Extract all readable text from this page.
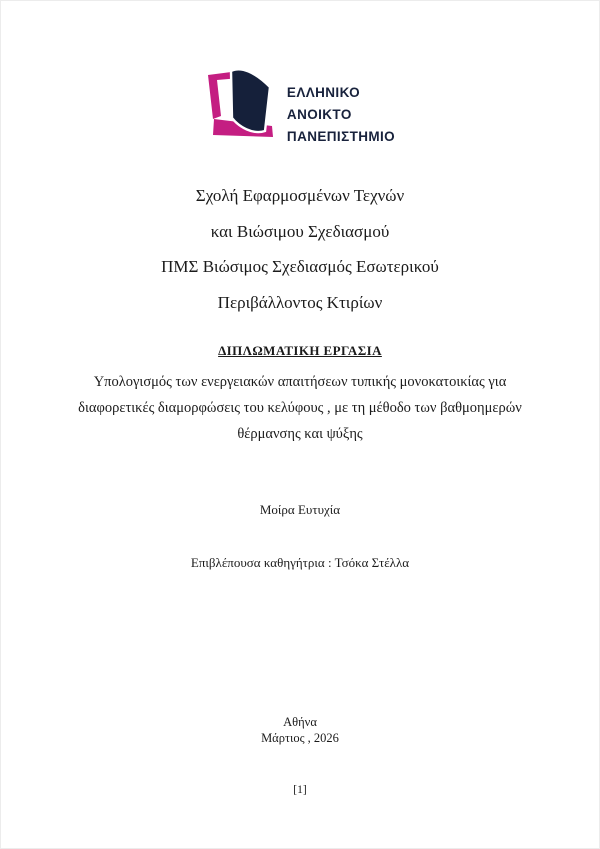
ΕΛΛΗΝΙΚΟ
ΑΝΟΙΚΤΟ
ΠΑΝΕΠΙΣΤΗΜΙΟ

Σχολή Εφαρμοσμένων Τεχνών

και Βιώσιμου Σχεδιασμού

ΠΜΣ Βιώσιμος Σχεδιασμός Εσωτερικού

Περιβάλλοντος Κτιρίων

ΔΙΠΛΩΜΑΤΙΚΗ ΕΡΓΑΣΙΑ

Υπολογισμός των ενεργειακών απαιτήσεων τυπικής μονοκατοικίας για

διαφορετικές διαμορφώσεις του κελύφους , με τη μέθοδο των βαθμοημερών

θέρμανσης και ψύξης

Μοίρα Ευτυχία
Επιβλέπουσα καθηγήτρια : Τσόκα Στέλλα
Αθήνα
Μάρτιος , 2026
[1]
